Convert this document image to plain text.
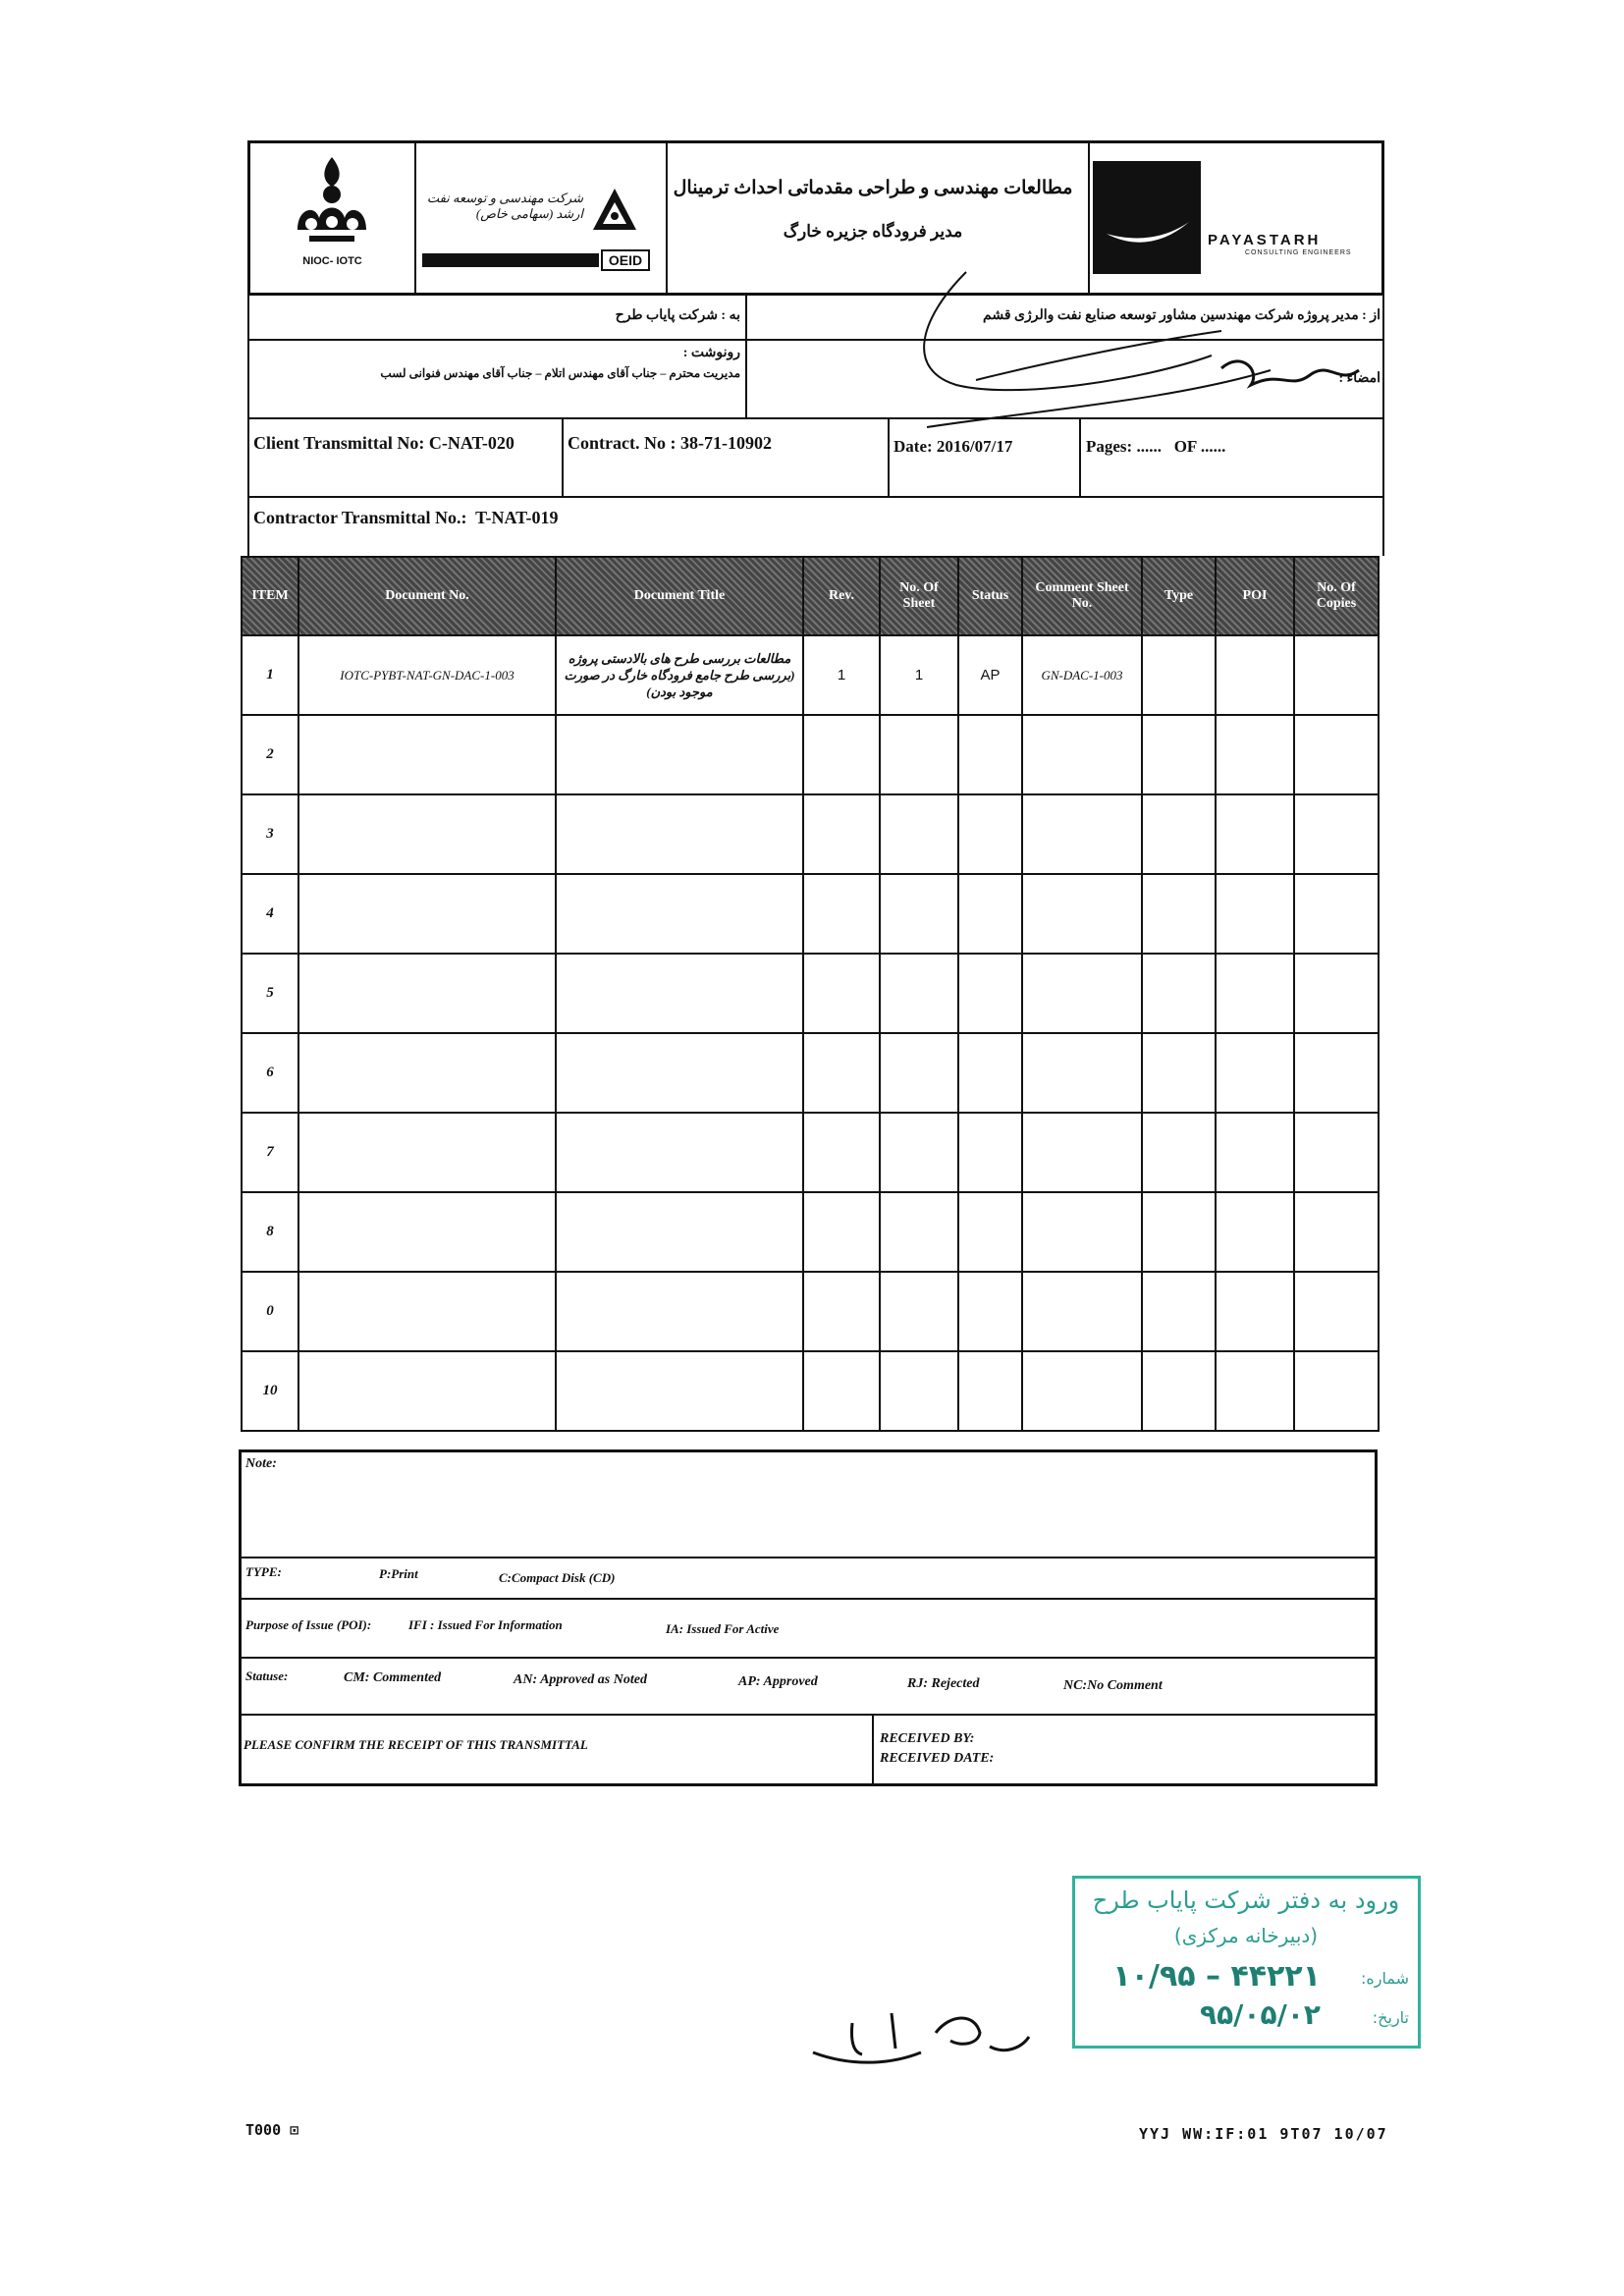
NIOC- IOTC
شرکت مهندسی و توسعه نفت ارشد (سهامی خاص)
OEID
مطالعات مهندسی و طراحی مقدماتی احداث ترمینال
مدیر فرودگاه جزیره خارگ	PAYASTARH
CONSULTING ENGINEERS
به : شرکت پایاب طرح	از : مدیر پروژه شرکت مهندسین مشاور توسعه صنایع نفت والرژی قشم
رونوشت :
مدیریت محترم – جناب آقای مهندس اتلام – جناب آقای مهندس فنوانی لسب	امضاء :
Client Transmittal No: C-NAT-020	Contract. No : 38-71-10902	Date: 2016/07/17	Pages: ......   OF ......
Contractor Transmittal No.:  T-NAT-019
ITEM	Document No.	Document Title	Rev.	No. Of Sheet	Status	Comment Sheet No.	Type	POI	No. Of Copies
1	IOTC-PYBT-NAT-GN-DAC-1-003	مطالعات بررسی طرح های بالادستی پروژه (بررسی طرح جامع فرودگاه خارگ در صورت موجود بودن)	1	1	AP	GN-DAC-1-003			
2									
3									
4									
5									
6									
7									
8									
0									
10									
Note:
TYPE:	P:Print	C:Compact Disk (CD)
Purpose of Issue (POI):	IFI : Issued For Information	IA: Issued For Active
Statuse:	CM: Commented	AN: Approved as Noted	AP: Approved	RJ: Rejected	NC:No Comment
PLEASE CONFIRM THE RECEIPT OF THIS TRANSMITTAL	RECEIVED BY:
RECEIVED DATE:
ورود به دفتر شرکت پایاب طرح
(دبیرخانه مرکزی)
شماره:
۱۰/۹۵ – ۴۴۲۲۱
تاریخ:
۹۵/۰۵/۰۲
T000 ⊡	YYJ WW:IF:01 9T07 10/07
